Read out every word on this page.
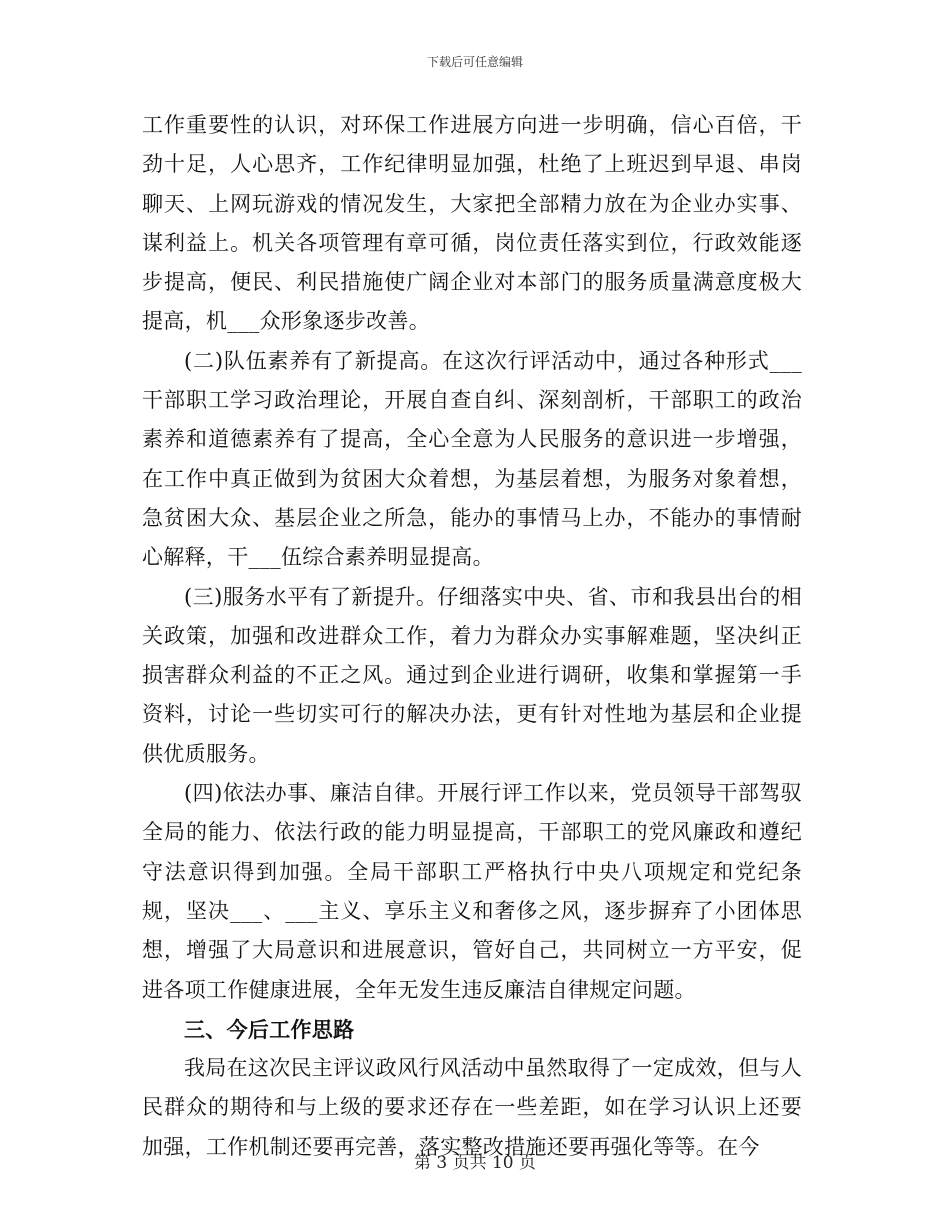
下载后可任意编辑

工作重要性的认识，对环保工作进展方向进一步明确，信心百倍，干劲十足，人心思齐，工作纪律明显加强，杜绝了上班迟到早退、串岗聊天、上网玩游戏的情况发生，大家把全部精力放在为企业办实事、谋利益上。机关各项管理有章可循，岗位责任落实到位，行政效能逐步提高，便民、利民措施使广阔企业对本部门的服务质量满意度极大提高，机___众形象逐步改善。

(二)队伍素养有了新提高。在这次行评活动中，通过各种形式___干部职工学习政治理论，开展自查自纠、深刻剖析，干部职工的政治素养和道德素养有了提高，全心全意为人民服务的意识进一步增强，在工作中真正做到为贫困大众着想，为基层着想，为服务对象着想，急贫困大众、基层企业之所急，能办的事情马上办，不能办的事情耐心解释，干___伍综合素养明显提高。

(三)服务水平有了新提升。仔细落实中央、省、市和我县出台的相关政策，加强和改进群众工作，着力为群众办实事解难题，坚决纠正损害群众利益的不正之风。通过到企业进行调研，收集和掌握第一手资料，讨论一些切实可行的解决办法，更有针对性地为基层和企业提供优质服务。

(四)依法办事、廉洁自律。开展行评工作以来，党员领导干部驾驭全局的能力、依法行政的能力明显提高，干部职工的党风廉政和遵纪守法意识得到加强。全局干部职工严格执行中央八项规定和党纪条规，坚决___、___主义、享乐主义和奢侈之风，逐步摒弃了小团体思想，增强了大局意识和进展意识，管好自己，共同树立一方平安，促进各项工作健康进展，全年无发生违反廉洁自律规定问题。

三、今后工作思路

我局在这次民主评议政风行风活动中虽然取得了一定成效，但与人民群众的期待和与上级的要求还存在一些差距，如在学习认识上还要加强，工作机制还要再完善，落实整改措施还要再强化等等。在今

第 3 页共 10 页
